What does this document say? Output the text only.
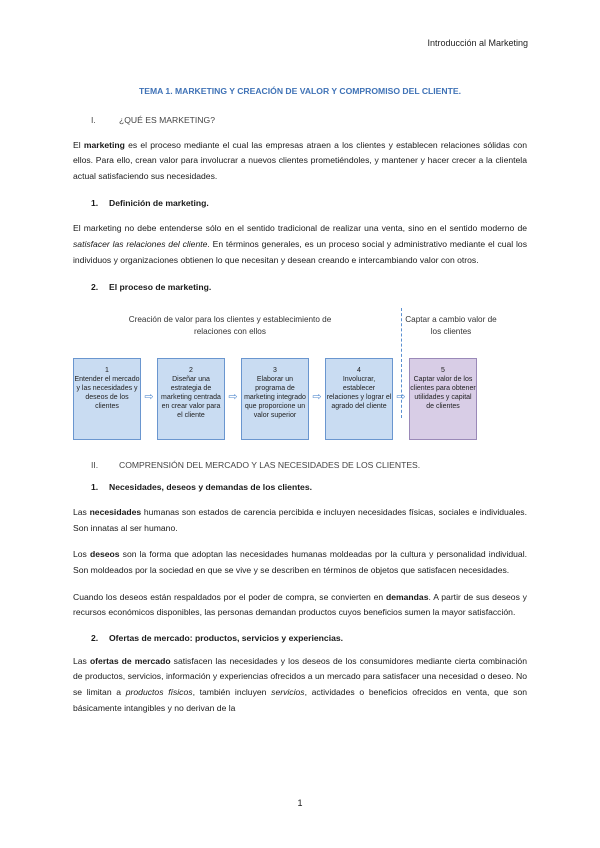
Introducción al Marketing

TEMA 1. MARKETING Y CREACIÓN DE VALOR Y COMPROMISO DEL CLIENTE.

I.	¿QUÉ ES MARKETING?

El marketing es el proceso mediante el cual las empresas atraen a los clientes y establecen relaciones sólidas con ellos. Para ello, crean valor para involucrar a nuevos clientes prometiéndoles, y mantener y hacer crecer a la clientela actual satisfaciendo sus necesidades.

1.	Definición de marketing.

El marketing no debe entenderse sólo en el sentido tradicional de realizar una venta, sino en el sentido moderno de satisfacer las relaciones del cliente. En términos generales, es un proceso social y administrativo mediante el cual los individuos y organizaciones obtienen lo que necesitan y desean creando e intercambiando valor con otros.

2.	El proceso de marketing.
Creación de valor para los clientes y establecimiento de relaciones con ellos
Captar a cambio valor de los clientes
1
Entender el mercado y las necesidades y deseos de los clientes
⇨
2
Diseñar una estrategia de marketing centrada en crear valor para el cliente
⇨
3
Elaborar un programa de marketing integrado que proporcione un valor superior
⇨
4
Involucrar, establecer relaciones y lograr el agrado del cliente
⇨
5
Captar valor de los clientes para obtener utilidades y capital de clientes
II.	COMPRENSIÓN DEL MERCADO Y LAS NECESIDADES DE LOS CLIENTES.
1.	Necesidades, deseos y demandas de los clientes.

Las necesidades humanas son estados de carencia percibida e incluyen necesidades físicas, sociales e individuales. Son innatas al ser humano.

Los deseos son la forma que adoptan las necesidades humanas moldeadas por la cultura y personalidad individual. Son moldeados por la sociedad en que se vive y se describen en términos de objetos que satisfacen necesidades.

Cuando los deseos están respaldados por el poder de compra, se convierten en demandas. A partir de sus deseos y recursos económicos disponibles, las personas demandan productos cuyos beneficios sumen la mayor satisfacción.

2.	Ofertas de mercado: productos, servicios y experiencias.

Las ofertas de mercado satisfacen las necesidades y los deseos de los consumidores mediante cierta combinación de productos, servicios, información y experiencias ofrecidos a un mercado para satisfacer una necesidad o deseo. No se limitan a productos físicos, también incluyen servicios, actividades o beneficios ofrecidos en venta, que son básicamente intangibles y no derivan de la

1
